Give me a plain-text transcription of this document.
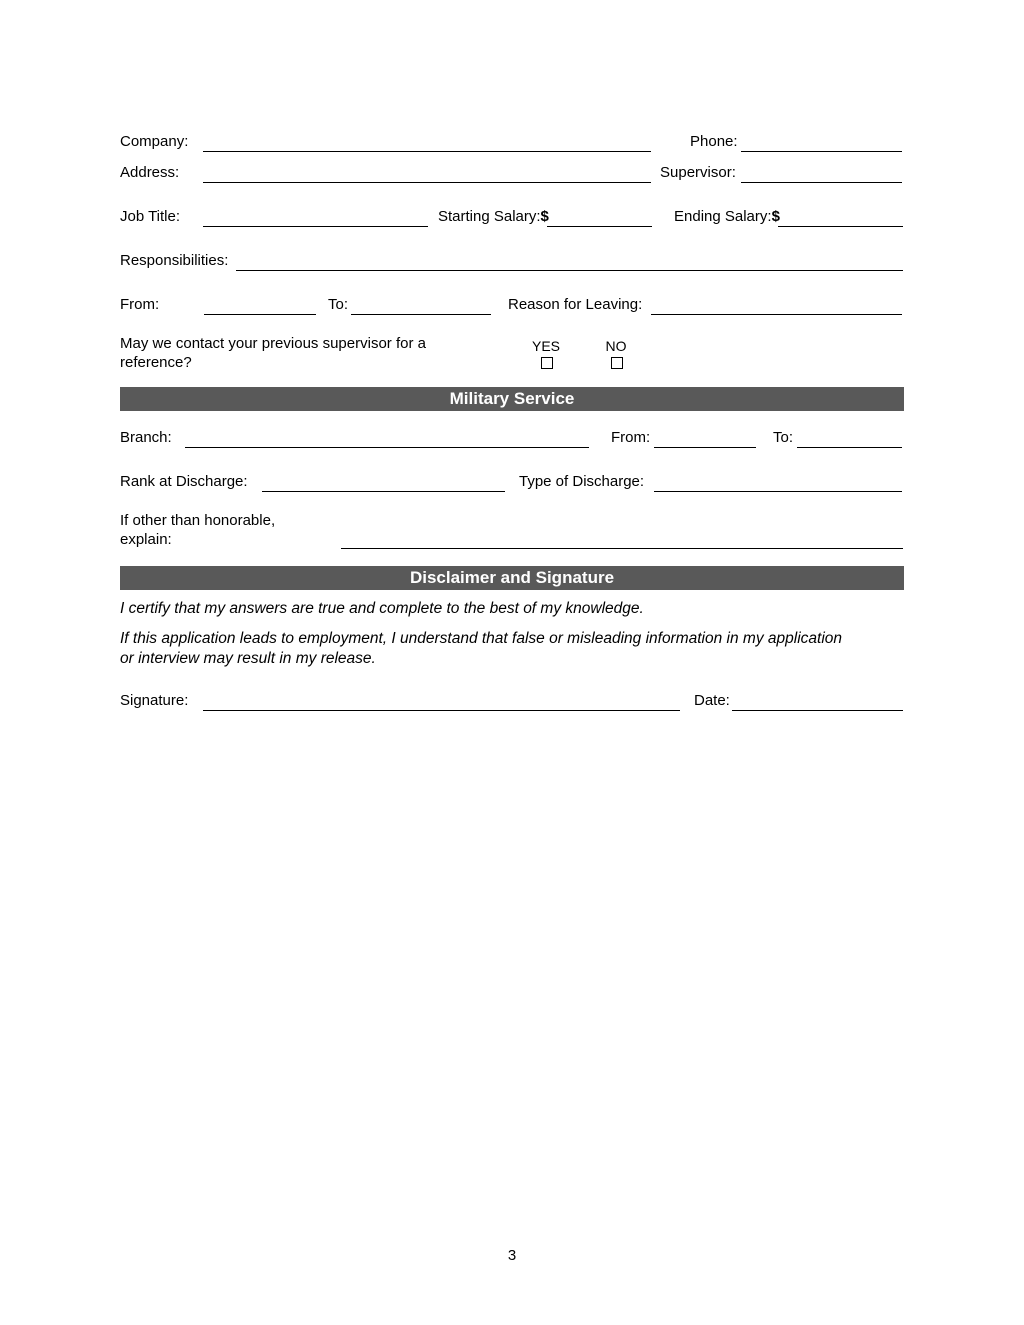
Company:	Phone:
Address:	Supervisor:
Job Title:	Starting Salary:$	Ending Salary:$
Responsibilities:
From:	To:	Reason for Leaving:
May we contact your previous supervisor for a
reference?
YES	NO
Military Service
Branch:	From:	To:
Rank at Discharge:	Type of Discharge:
If other than honorable,
explain:
Disclaimer and Signature
I certify that my answers are true and complete to the best of my knowledge.
If this application leads to employment, I understand that false or misleading information in my application
or interview may result in my release.
Signature:	Date:
3
